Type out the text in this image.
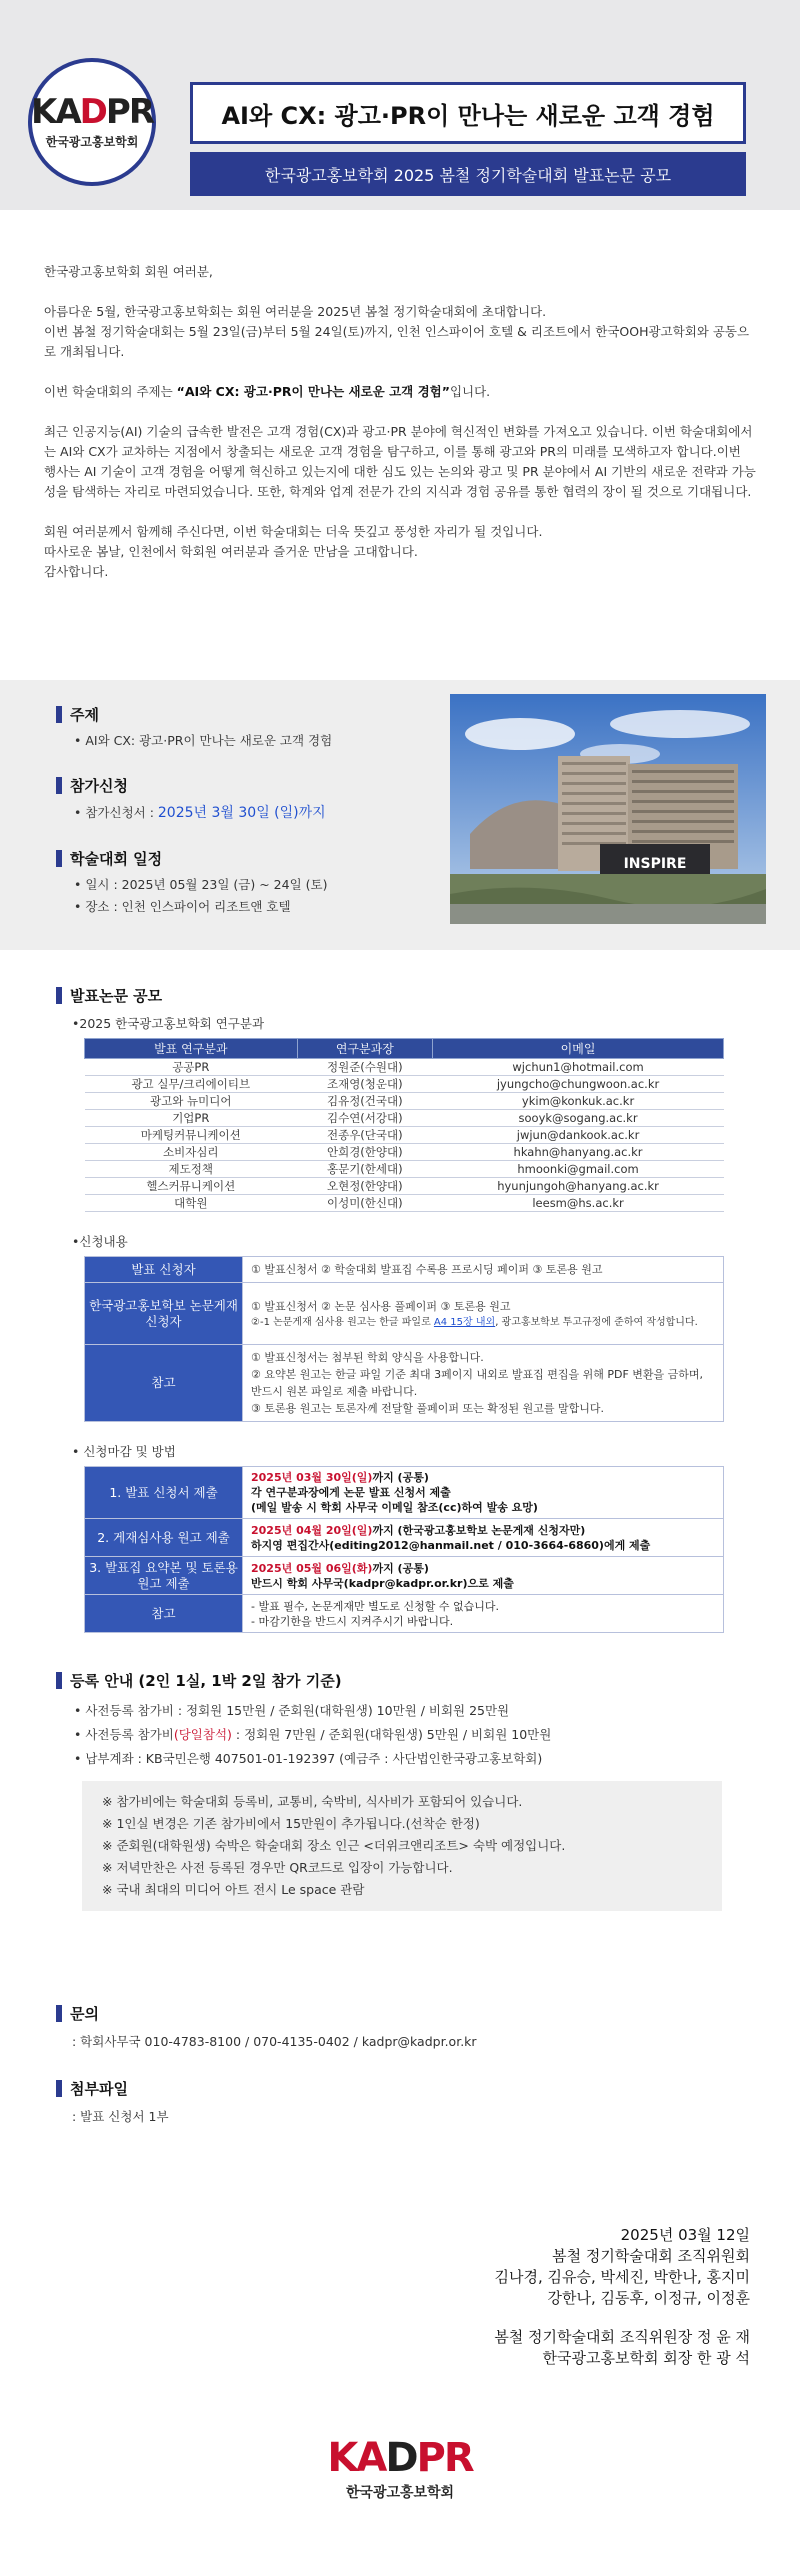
KADPR
한국광고홍보학회
AI와 CX: 광고·PR이 만나는 새로운 고객 경험
한국광고홍보학회 2025 봄철 정기학술대회 발표논문 공모

한국광고홍보학회 회원 여러분,

아름다운 5월, 한국광고홍보학회는 회원 여러분을 2025년 봄철 정기학술대회에 초대합니다.
이번 봄철 정기학술대회는 5월 23일(금)부터 5월 24일(토)까지, 인천 인스파이어 호텔 & 리조트에서 한국OOH광고학회와 공동으로 개최됩니다.

이번 학술대회의 주제는 “AI와 CX: 광고·PR이 만나는 새로운 고객 경험”입니다.

최근 인공지능(AI) 기술의 급속한 발전은 고객 경험(CX)과 광고·PR 분야에 혁신적인 변화를 가져오고 있습니다. 이번 학술대회에서는 AI와 CX가 교차하는 지점에서 창출되는 새로운 고객 경험을 탐구하고, 이를 통해 광고와 PR의 미래를 모색하고자 합니다.이번 행사는 AI 기술이 고객 경험을 어떻게 혁신하고 있는지에 대한 심도 있는 논의와 광고 및 PR 분야에서 AI 기반의 새로운 전략과 가능성을 탐색하는 자리로 마련되었습니다. 또한, 학계와 업계 전문가 간의 지식과 경험 공유를 통한 협력의 장이 될 것으로 기대됩니다.

회원 여러분께서 함께해 주신다면, 이번 학술대회는 더욱 뜻깊고 풍성한 자리가 될 것입니다.
따사로운 봄날, 인천에서 학회원 여러분과 즐거운 만남을 고대합니다.
감사합니다.

주제
• AI와 CX: 광고·PR이 만나는 새로운 고객 경험
참가신청
• 참가신청서 : 2025년 3월 30일 (일)까지
학술대회 일정
• 일시 : 2025년 05월 23일 (금) ~ 24일 (토)
• 장소 : 인천 인스파이어 리조트앤 호텔
INSPIRE
발표논문 공모
•2025 한국광고홍보학회 연구분과
발표 연구분과	연구분과장	이메일
공공PR	정원준(수원대)	wjchun1@hotmail.com
광고 실무/크리에이티브	조재영(청운대)	jyungcho@chungwoon.ac.kr
광고와 뉴미디어	김유정(건국대)	ykim@konkuk.ac.kr
기업PR	김수연(서강대)	sooyk@sogang.ac.kr
마케팅커뮤니케이션	전종우(단국대)	jwjun@dankook.ac.kr
소비자심리	안희경(한양대)	hkahn@hanyang.ac.kr
제도정책	홍문기(한세대)	hmoonki@gmail.com
헬스커뮤니케이션	오현정(한양대)	hyunjungoh@hanyang.ac.kr
대학원	이성미(한신대)	leesm@hs.ac.kr
•신청내용
발표 신청자	① 발표신청서 ② 학술대회 발표집 수록용 프로시딩 페이퍼 ③ 토론용 원고
한국광고홍보학보 논문게재 신청자	① 발표신청서 ② 논문 심사용 풀페이퍼 ③ 토론용 원고
②-1 논문게재 심사용 원고는 한글 파일로 A4 15장 내외, 광고홍보학보 투고규정에 준하여 작성합니다.

참고	① 발표신청서는 첨부된 학회 양식을 사용합니다.
② 요약본 원고는 한글 파일 기준 최대 3페이지 내외로 발표집 편집을 위해 PDF 변환을 금하며, 반드시 원본 파일로 제출 바랍니다.
③ 토론용 원고는 토론자께 전달할 풀페이퍼 또는 확정된 원고를 말합니다.
• 신청마감 및 방법
1. 발표 신청서 제출	2025년 03월 30일(일)까지 (공통)
각 연구분과장에게 논문 발표 신청서 제출
(메일 발송 시 학회 사무국 이메일 참조(cc)하여 발송 요망)

2. 게재심사용 원고 제출	2025년 04월 20일(일)까지 (한국광고홍보학보 논문게재 신청자만)
하지영 편집간사(editing2012@hanmail.net / 010-3664-6860)에게 제출

3. 발표집 요약본 및 토론용 원고 제출	2025년 05월 06일(화)까지 (공통)
반드시 학회 사무국(kadpr@kadpr.or.kr)으로 제출

참고	- 발표 필수, 논문게재만 별도로 신청할 수 없습니다.
- 마감기한을 반드시 지켜주시기 바랍니다.
등록 안내 (2인 1실, 1박 2일 참가 기준)
• 사전등록 참가비 : 정회원 15만원 / 준회원(대학원생) 10만원 / 비회원 25만원
• 사전등록 참가비(당일참석) : 정회원 7만원 / 준회원(대학원생) 5만원 / 비회원 10만원
• 납부계좌 : KB국민은행 407501-01-192397 (예금주 : 사단법인한국광고홍보학회)
※ 참가비에는 학술대회 등록비, 교통비, 숙박비, 식사비가 포함되어 있습니다.
※ 1인실 변경은 기존 참가비에서 15만원이 추가됩니다.(선착순 한정)
※ 준회원(대학원생) 숙박은 학술대회 장소 인근 <더위크앤리조트> 숙박 예정입니다.
※ 저녁만찬은 사전 등록된 경우만 QR코드로 입장이 가능합니다.
※ 국내 최대의 미디어 아트 전시 Le space 관람
문의
: 학회사무국 010-4783-8100 / 070-4135-0402 / kadpr@kadpr.or.kr
첨부파일
: 발표 신청서 1부
2025년 03월 12일
봄철 정기학술대회 조직위원회
김나경, 김유승, 박세진, 박한나, 홍지미
강한나, 김동후, 이정규, 이정훈
봄철 정기학술대회 조직위원장 정 윤 재
한국광고홍보학회 회장 한 광 석
KADPR
한국광고홍보학회
